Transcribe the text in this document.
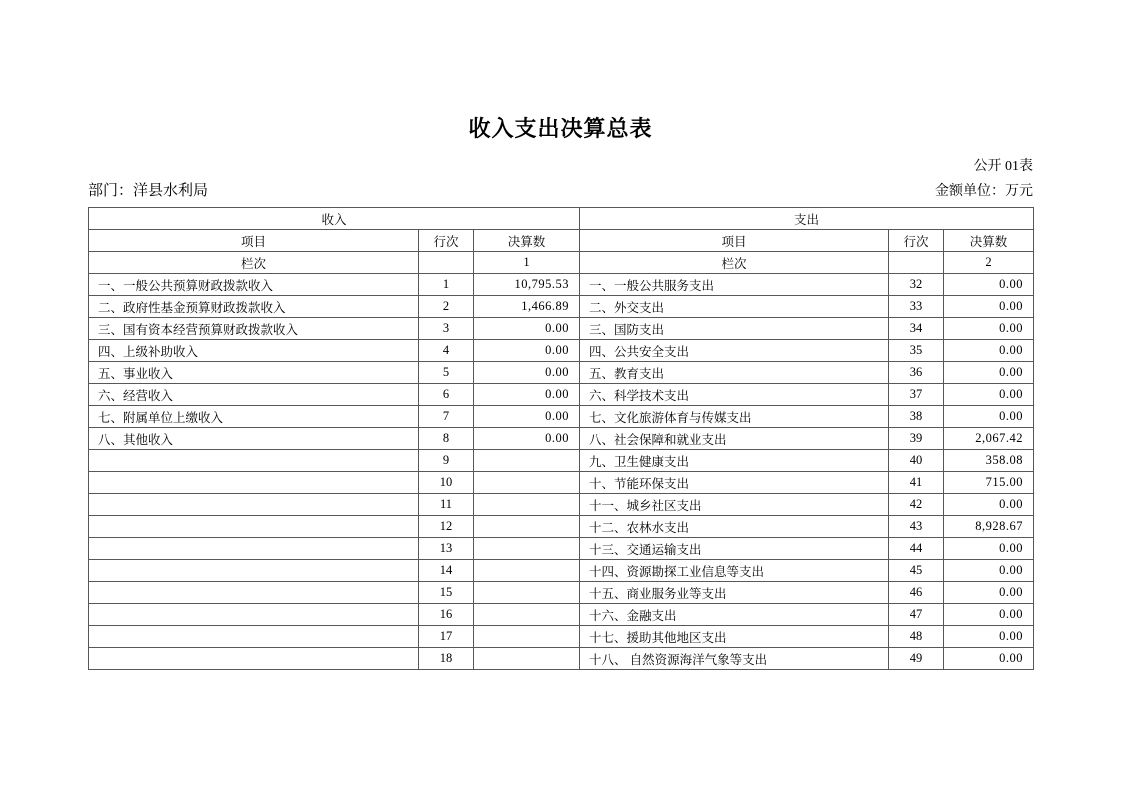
收入支出决算总表
公开 01表
部门：洋县水利局	金额单位：万元
收入			支出		
项目	行次	决算数	项目	行次	决算数
栏次		1	栏次		2
一、一般公共预算财政拨款收入	1	10,795.53	一、一般公共服务支出	32	0.00
二、政府性基金预算财政拨款收入	2	1,466.89	二、外交支出	33	0.00
三、国有资本经营预算财政拨款收入	3	0.00	三、国防支出	34	0.00
四、上级补助收入	4	0.00	四、公共安全支出	35	0.00
五、事业收入	5	0.00	五、教育支出	36	0.00
六、经营收入	6	0.00	六、科学技术支出	37	0.00
七、附属单位上缴收入	7	0.00	七、文化旅游体育与传媒支出	38	0.00
八、其他收入	8	0.00	八、社会保障和就业支出	39	2,067.42
	9		九、卫生健康支出	40	358.08
	10		十、节能环保支出	41	715.00
	11		十一、城乡社区支出	42	0.00
	12		十二、农林水支出	43	8,928.67
	13		十三、交通运输支出	44	0.00
	14		十四、资源勘探工业信息等支出	45	0.00
	15		十五、商业服务业等支出	46	0.00
	16		十六、金融支出	47	0.00
	17		十七、援助其他地区支出	48	0.00
	18		十八、 自然资源海洋气象等支出	49	0.00
